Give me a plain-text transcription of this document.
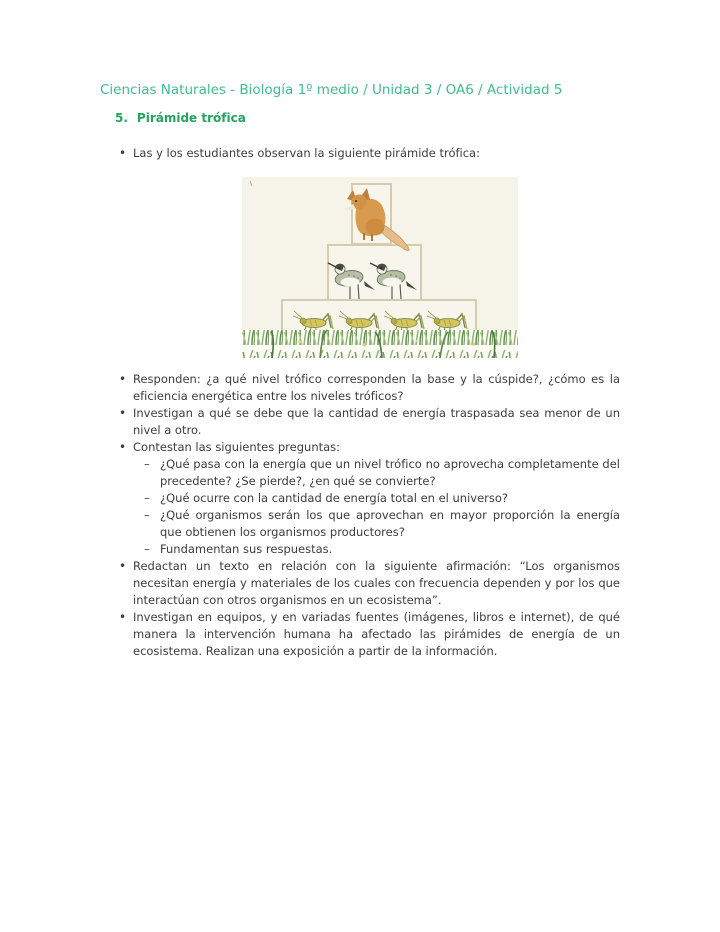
Ciencias Naturales - Biología 1º medio / Unidad 3 / OA6 / Actividad 5
5. Pirámide trófica
• Las y los estudiantes observan la siguiente pirámide trófica:
• Responden: ¿a qué nivel trófico corresponden la base y la cúspide?, ¿cómo es la eficiencia energética entre los niveles tróficos?
• Investigan a qué se debe que la cantidad de energía traspasada sea menor de un nivel a otro.
• Contestan las siguientes preguntas:
– ¿Qué pasa con la energía que un nivel trófico no aprovecha completamente del precedente? ¿Se pierde?, ¿en qué se convierte?
– ¿Qué ocurre con la cantidad de energía total en el universo?
– ¿Qué organismos serán los que aprovechan en mayor proporción la energía que obtienen los organismos productores?
– Fundamentan sus respuestas.
• Redactan un texto en relación con la siguiente afirmación: “Los organismos necesitan energía y materiales de los cuales con frecuencia dependen y por los que interactúan con otros organismos en un ecosistema”.
• Investigan en equipos, y en variadas fuentes (imágenes, libros e internet), de qué manera la intervención humana ha afectado las pirámides de energía de un ecosistema. Realizan una exposición a partir de la información.
